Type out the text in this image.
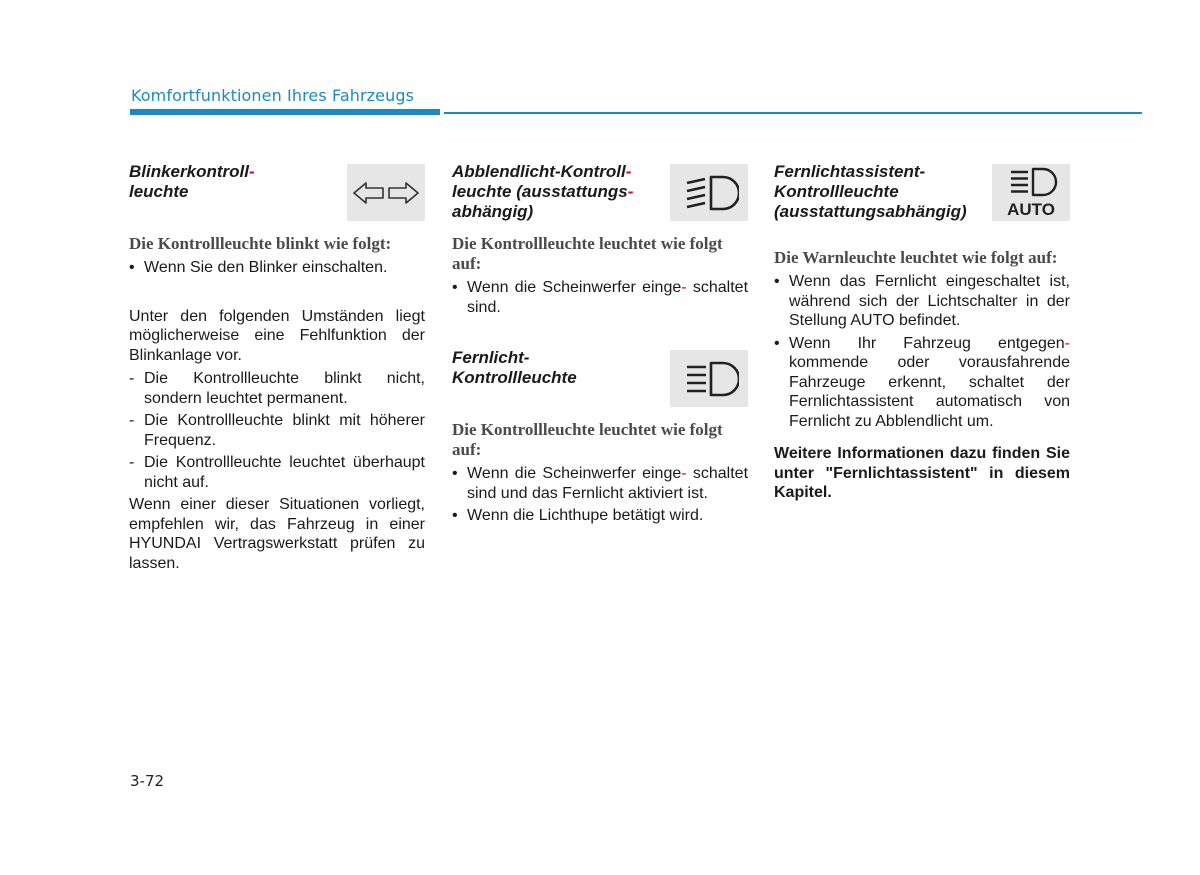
Komfortfunktionen Ihres Fahrzeugs
Blinkerkontroll-
leuchte

Die Kontrollleuchte blinkt wie folgt:

• Wenn Sie den Blinker einschalten.

Unter den folgenden Umständen liegt möglicherweise eine Fehlfunktion der Blinkanlage vor.

- Die Kontrollleuchte blinkt nicht, sondern leuchtet permanent.
- Die Kontrollleuchte blinkt mit höherer Frequenz.
- Die Kontrollleuchte leuchtet überhaupt nicht auf.

Wenn einer dieser Situationen vorliegt, empfehlen wir, das Fahrzeug in einer HYUNDAI Vertragswerkstatt prüfen zu lassen.

Abblendlicht-Kontroll-
leuchte (ausstattungs-
abhängig)

Die Kontrollleuchte leuchtet wie folgt auf:

• Wenn die Scheinwerfer einge- schaltet sind.
Fernlicht-
Kontrollleuchte

Die Kontrollleuchte leuchtet wie folgt auf:

• Wenn die Scheinwerfer einge- schaltet sind und das Fernlicht aktiviert ist.
• Wenn die Lichthupe betätigt wird.
Fernlichtassistent-
Kontrollleuchte
(ausstattungsabhängig)	AUTO

Die Warnleuchte leuchtet wie folgt auf:

• Wenn das Fernlicht eingeschaltet ist, während sich der Lichtschalter in der Stellung AUTO befindet.
• Wenn Ihr Fahrzeug entgegen- kommende oder vorausfahrende Fahrzeuge erkennt, schaltet der Fernlichtassistent automatisch von Fernlicht zu Abblendlicht um.

Weitere Informationen dazu finden Sie unter "Fernlichtassistent" in diesem Kapitel.

3-72
